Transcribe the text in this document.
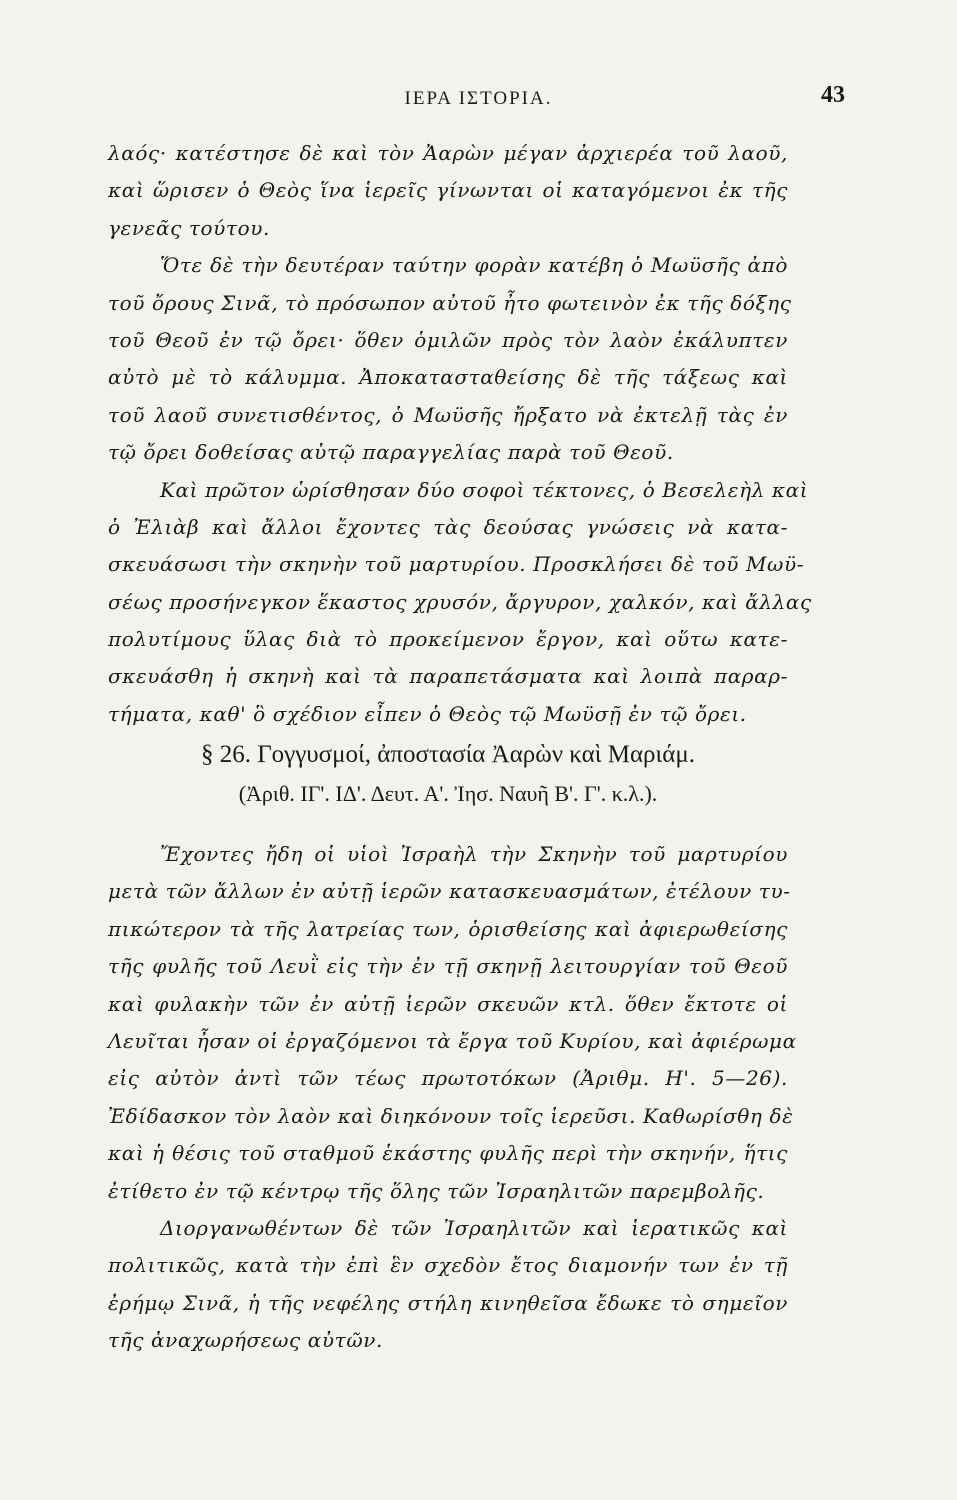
ΙΕΡΑ ΙΣΤΟΡΙΑ.	43
λαός· κατέστησε δὲ καὶ τὸν Ἀαρὼν μέγαν ἀρχιερέα τοῦ λαοῦ,
καὶ ὥρισεν ὁ Θεὸς ἵνα ἱερεῖς γίνωνται οἱ καταγόμενοι ἐκ τῆς
γενεᾶς τούτου.
Ὅτε δὲ τὴν δευτέραν ταύτην φορὰν κατέβη ὁ Μωϋσῆς ἀπὸ
τοῦ ὄρους Σινᾶ, τὸ πρόσωπον αὐτοῦ ἦτο φωτεινὸν ἐκ τῆς δόξης
τοῦ Θεοῦ ἐν τῷ ὄρει· ὅθεν ὁμιλῶν πρὸς τὸν λαὸν ἐκάλυπτεν
αὐτὸ μὲ τὸ κάλυμμα. Ἀποκατασταθείσης δὲ τῆς τάξεως καὶ
τοῦ λαοῦ συνετισθέντος, ὁ Μωϋσῆς ἤρξατο νὰ ἐκτελῇ τὰς ἐν
τῷ ὄρει δοθείσας αὐτῷ παραγγελίας παρὰ τοῦ Θεοῦ.
Καὶ πρῶτον ὡρίσθησαν δύο σοφοὶ τέκτονες, ὁ Βεσελεὴλ καὶ
ὁ Ἐλιὰβ καὶ ἄλλοι ἔχοντες τὰς δεούσας γνώσεις νὰ κατα-
σκευάσωσι τὴν σκηνὴν τοῦ μαρτυρίου. Προσκλήσει δὲ τοῦ Μωϋ-
σέως προσήνεγκον ἕκαστος χρυσόν, ἄργυρον, χαλκόν, καὶ ἄλλας
πολυτίμους ὕλας διὰ τὸ προκείμενον ἔργον, καὶ οὕτω κατε-
σκευάσθη ἡ σκηνὴ καὶ τὰ παραπετάσματα καὶ λοιπὰ παραρ-
τήματα, καθ' ὃ σχέδιον εἶπεν ὁ Θεὸς τῷ Μωϋσῇ ἐν τῷ ὄρει.
§ 26. Γογγυσμοί, ἀποστασία Ἀαρὼν καὶ Μαριάμ.
(Ἀριθ. ΙΓ'. ΙΔ'. Δευτ. Α'. Ἰησ. Ναυῆ Β'. Γ'. κ.λ.).
Ἔχοντες ἤδη οἱ υἱοὶ Ἰσραὴλ τὴν Σκηνὴν τοῦ μαρτυρίου
μετὰ τῶν ἄλλων ἐν αὐτῇ ἱερῶν κατασκευασμάτων, ἐτέλουν τυ-
πικώτερον τὰ τῆς λατρείας των, ὁρισθείσης καὶ ἀφιερωθείσης
τῆς φυλῆς τοῦ Λευῒ εἰς τὴν ἐν τῇ σκηνῇ λειτουργίαν τοῦ Θεοῦ
καὶ φυλακὴν τῶν ἐν αὐτῇ ἱερῶν σκευῶν κτλ. ὅθεν ἔκτοτε οἱ
Λευῖται ἦσαν οἱ ἐργαζόμενοι τὰ ἔργα τοῦ Κυρίου, καὶ ἀφιέρωμα
εἰς αὐτὸν ἀντὶ τῶν τέως πρωτοτόκων (Ἀριθμ. Η'. 5—26).
Ἐδίδασκον τὸν λαὸν καὶ διηκόνουν τοῖς ἱερεῦσι. Καθωρίσθη δὲ
καὶ ἡ θέσις τοῦ σταθμοῦ ἑκάστης φυλῆς περὶ τὴν σκηνήν, ἥτις
ἐτίθετο ἐν τῷ κέντρῳ τῆς ὅλης τῶν Ἰσραηλιτῶν παρεμβολῆς.
Διοργανωθέντων δὲ τῶν Ἰσραηλιτῶν καὶ ἱερατικῶς καὶ
πολιτικῶς, κατὰ τὴν ἐπὶ ἓν σχεδὸν ἔτος διαμονήν των ἐν τῇ
ἐρήμῳ Σινᾶ, ἡ τῆς νεφέλης στήλη κινηθεῖσα ἔδωκε τὸ σημεῖον
τῆς ἀναχωρήσεως αὐτῶν.
